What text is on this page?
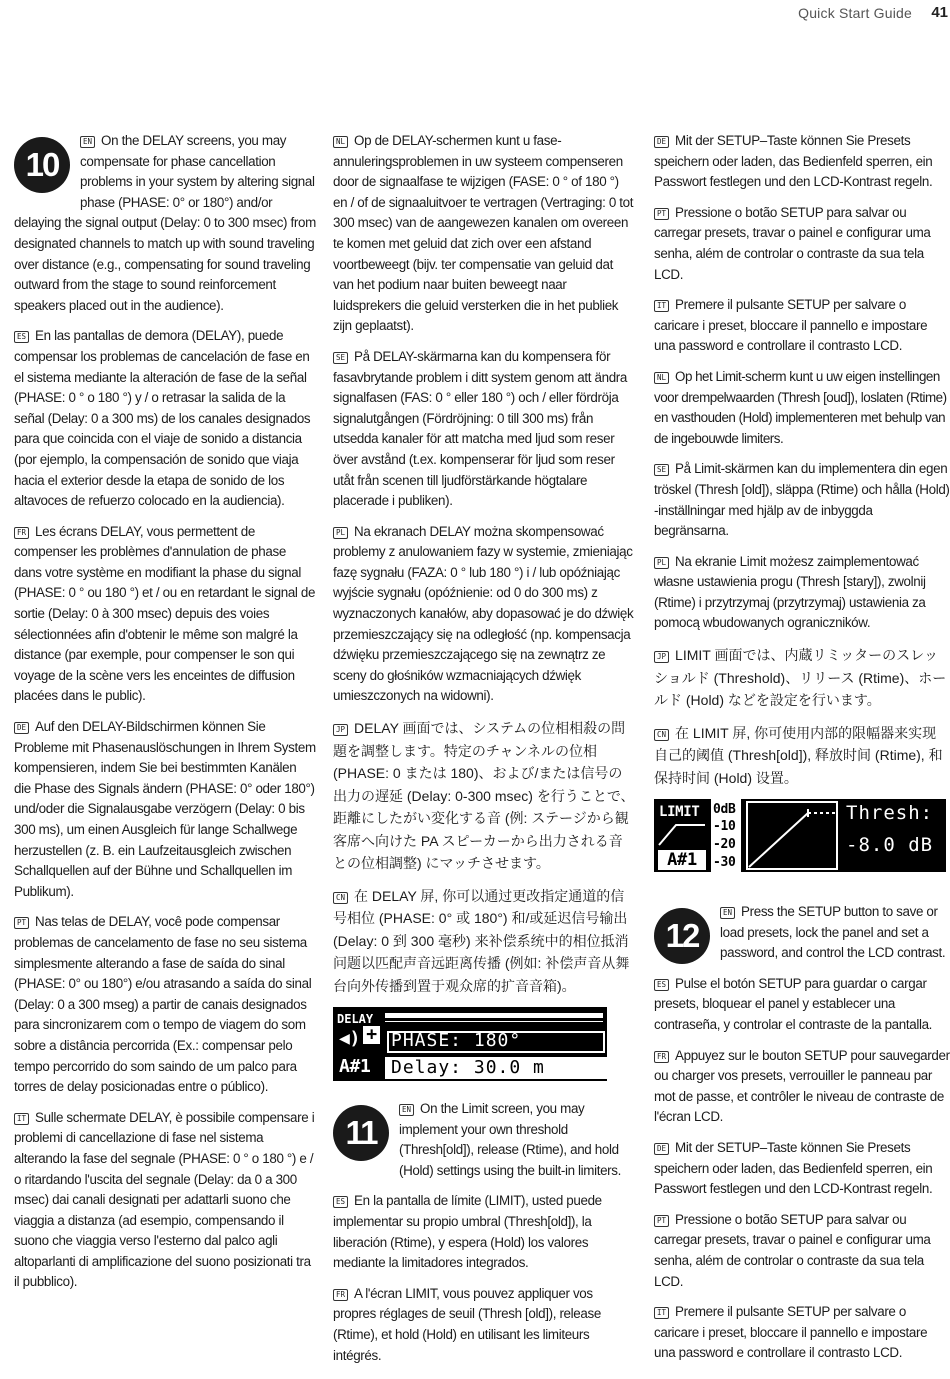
Quick Start Guide 41
10
EN On the DELAY screens, you may compensate for phase cancellation problems in your system by altering signal phase (PHASE: 0° or 180°) and/or delaying the signal output (Delay: 0 to 300 msec) from designated channels to match up with sound traveling over distance (e.g., compensating for sound traveling outward from the stage to sound reinforcement speakers placed out in the audience).

ES En las pantallas de demora (DELAY), puede compensar los problemas de cancelación de fase en el sistema mediante la alteración de fase de la señal (PHASE: 0 ° o 180 °) y / o retrasar la salida de la señal (Delay: 0 a 300 ms) de los canales designados para que coincida con el viaje de sonido a distancia (por ejemplo, la compensación de sonido que viaja hacia el exterior desde la etapa de sonido de los altavoces de refuerzo colocado en la audiencia).

FR Les écrans DELAY, vous permettent de compenser les problèmes d'annulation de phase dans votre système en modifiant la phase du signal (PHASE: 0 ° ou 180 °) et / ou en retardant le signal de sortie (Delay: 0 à 300 msec) depuis des voies sélectionnées afin d'obtenir le même son malgré la distance (par exemple, pour compenser le son qui voyage de la scène vers les enceintes de diffusion placées dans le public).

DE Auf den DELAY-Bildschirmen können Sie Probleme mit Phasenauslöschungen in Ihrem System kompensieren, indem Sie bei bestimmten Kanälen die Phase des Signals ändern (PHASE: 0° oder 180°) und/oder die Signalausgabe verzögern (Delay: 0 bis 300 ms), um einen Ausgleich für lange Schallwege herzustellen (z. B. ein Laufzeitausgleich zwischen Schallquellen auf der Bühne und Schallquellen im Publikum).

PT Nas telas de DELAY, você pode compensar problemas de cancelamento de fase no seu sistema simplesmente alterando a fase de saída do sinal (PHASE: 0° ou 180°) e/ou atrasando a saída do sinal (Delay: 0 a 300 mseg) a partir de canais designados para sincronizarem com o tempo de viagem do som sobre a distância percorrida (Ex.: compensar pelo tempo percorrido do som saindo de um palco para torres de delay posicionadas entre o público).

IT Sulle schermate DELAY, è possibile compensare i problemi di cancellazione di fase nel sistema alterando la fase del segnale (PHASE: 0 ° o 180 °) e / o ritardando l'uscita del segnale (Delay: da 0 a 300 msec) dai canali designati per adattarli suono che viaggia a distanza (ad esempio, compensando il suono che viaggia verso l'esterno dal palco agli altoparlanti di amplificazione del suono posizionati tra il pubblico).

NL Op de DELAY-schermen kunt u fase-annuleringsproblemen in uw systeem compenseren door de signaalfase te wijzigen (FASE: 0 ° of 180 °) en / of de signaaluitvoer te vertragen (Vertraging: 0 tot 300 msec) van de aangewezen kanalen om overeen te komen met geluid dat zich over een afstand voortbeweegt (bijv. ter compensatie van geluid dat van het podium naar buiten beweegt naar luidsprekers die geluid versterken die in het publiek zijn geplaatst).

SE På DELAY-skärmarna kan du kompensera för fasavbrytande problem i ditt system genom att ändra signalfasen (FAS: 0 ° eller 180 °) och / eller fördröja signalutgången (Fördröjning: 0 till 300 ms) från utsedda kanaler för att matcha med ljud som reser över avstånd (t.ex. kompenserar för ljud som reser utåt från scenen till ljudförstärkande högtalare placerade i publiken).

PL Na ekranach DELAY można skompensować problemy z anulowaniem fazy w systemie, zmieniając fazę sygnału (FAZA: 0 ° lub 180 °) i / lub opóźniając wyjście sygnału (opóźnienie: od 0 do 300 ms) z wyznaczonych kanałów, aby dopasować je do dźwięk przemieszczający się na odległość (np. kompensacja dźwięku przemieszczającego się na zewnątrz ze sceny do głośników wzmacniających dźwięk umieszczonych na widowni).

JP DELAY 画面では、システムの位相相殺の問題を調整します。特定のチャンネルの位相 (PHASE: 0 または 180)、および/または信号の出力の遅延 (Delay: 0-300 msec) を行うことで、距離にしたがい変化する音 (例: ステージから観客席へ向けた PA スピーカーから出力される音との位相調整) にマッチさせます。

CN 在 DELAY 屏, 你可以通过更改指定通道的信号相位 (PHASE: 0° 或 180°) 和/或延迟信号输出 (Delay: 0 到 300 毫秒) 来补偿系统中的相位抵消问题以匹配声音远距离传播 (例如: 补偿声音从舞台向外传播到置于观众席的扩音音箱)。

DELAY
◀) +
A#1
PHASE: 180°
Delay: 30.0 m
11
EN On the Limit screen, you may implement your own threshold (Thresh[old]), release (Rtime), and hold (Hold) settings using the built-in limiters.

ES En la pantalla de límite (LIMIT), usted puede implementar su propio umbral (Thresh[old]), la liberación (Rtime), y espera (Hold) los valores mediante la limitadores integrados.

FR A l'écran LIMIT, vous pouvez appliquer vos propres réglages de seuil (Thresh [old]), release (Rtime), et hold (Hold) en utilisant les limiteurs intégrés.

DE Mit der SETUP–Taste können Sie Presets speichern oder laden, das Bedienfeld sperren, ein Passwort festlegen und den LCD-Kontrast regeln.

PT Pressione o botão SETUP para salvar ou carregar presets, travar o painel e configurar uma senha, além de controlar o contraste da sua tela LCD.

IT Premere il pulsante SETUP per salvare o caricare i preset, bloccare il pannello e impostare una password e controllare il contrasto LCD.

NL Op het Limit-scherm kunt u uw eigen instellingen voor drempelwaarden (Thresh [oud]), loslaten (Rtime) en vasthouden (Hold) implementeren met behulp van de ingebouwde limiters.

SE På Limit-skärmen kan du implementera din egen tröskel (Thresh [old]), släppa (Rtime) och hålla (Hold) -inställningar med hjälp av de inbyggda begränsarna.

PL Na ekranie Limit możesz zaimplementować własne ustawienia progu (Thresh [stary]), zwolnij (Rtime) i przytrzymaj (przytrzymaj) ustawienia za pomocą wbudowanych ograniczników.

JP LIMIT 画面では、内蔵リミッターのスレッショルド (Threshold)、リリース (Rtime)、ホールド (Hold) などを設定を行います。

CN 在 LIMIT 屏, 你可使用内部的限幅器来实现自己的阈值 (Thresh[old]), 释放时间 (Rtime), 和保持时间 (Hold) 设置。

LIMIT
A#1
0dB
-10
-20
-30
Thresh:
-8.0 dB
12
EN Press the SETUP button to save or load presets, lock the panel and set a password, and control the LCD contrast.

ES Pulse el botón SETUP para guardar o cargar presets, bloquear el panel y establecer una contraseña, y controlar el contraste de la pantalla.

FR Appuyez sur le bouton SETUP pour sauvegarder ou charger vos presets, verrouiller le panneau par mot de passe, et contrôler le niveau de contraste de l'écran LCD.

DE Mit der SETUP–Taste können Sie Presets speichern oder laden, das Bedienfeld sperren, ein Passwort festlegen und den LCD-Kontrast regeln.

PT Pressione o botão SETUP para salvar ou carregar presets, travar o painel e configurar uma senha, além de controlar o contraste da sua tela LCD.

IT Premere il pulsante SETUP per salvare o caricare i preset, bloccare il pannello e impostare una password e controllare il contrasto LCD.
